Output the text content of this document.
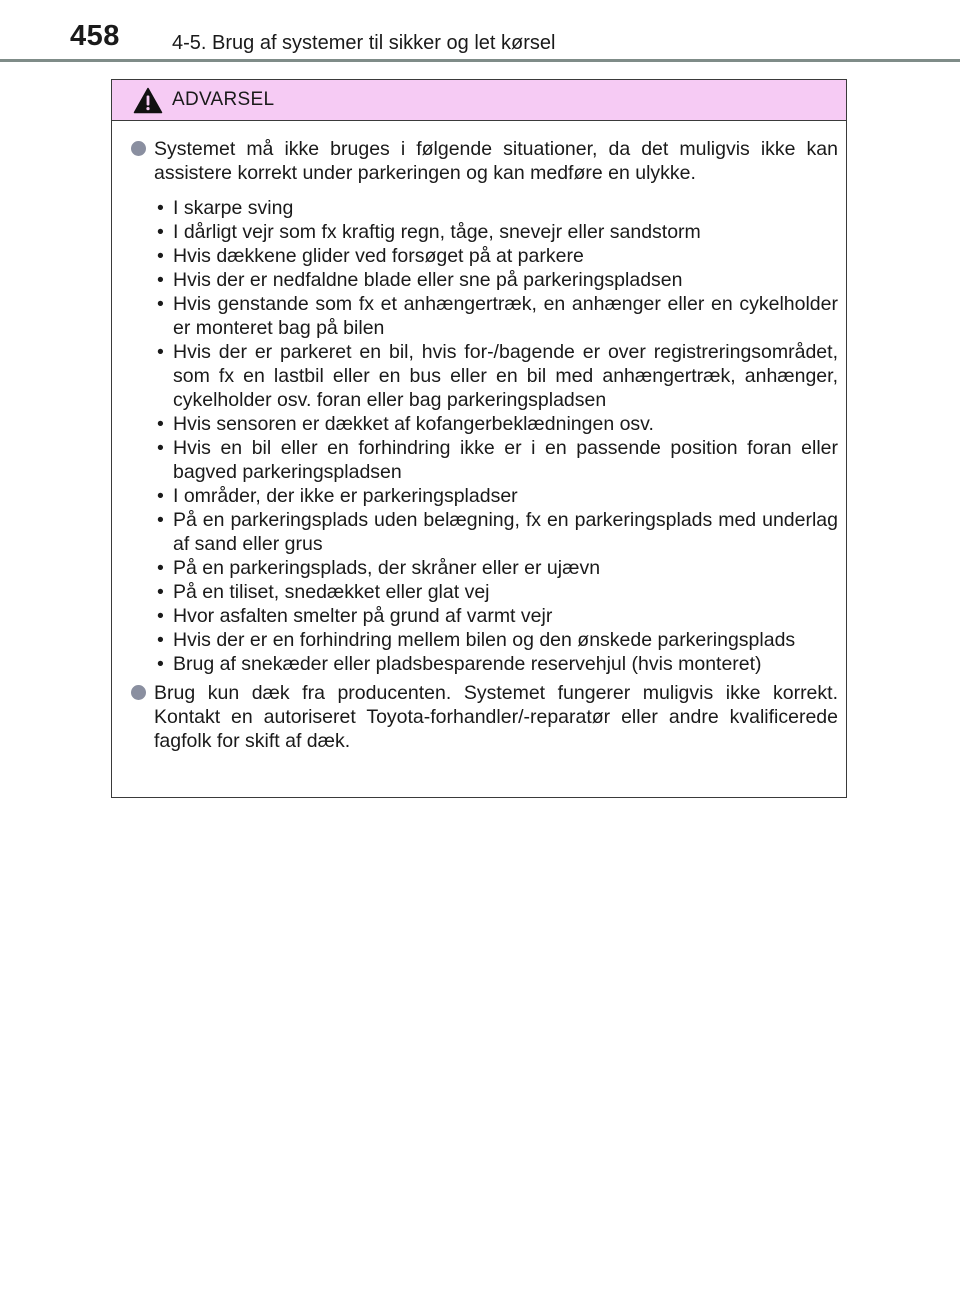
458	4-5. Brug af systemer til sikker og let kørsel
ADVARSEL
Systemet må ikke bruges i følgende situationer, da det muligvis ikke kan assistere korrekt under parkeringen og kan medføre en ulykke.
• I skarpe sving
• I dårligt vejr som fx kraftig regn, tåge, snevejr eller sandstorm
• Hvis dækkene glider ved forsøget på at parkere
• Hvis der er nedfaldne blade eller sne på parkeringspladsen
• Hvis genstande som fx et anhængertræk, en anhænger eller en cykelholder er monteret bag på bilen
• Hvis der er parkeret en bil, hvis for-/bagende er over registreringsområdet, som fx en lastbil eller en bus eller en bil med anhængertræk, anhænger, cykelholder osv. foran eller bag parkeringspladsen
• Hvis sensoren er dækket af kofangerbeklædningen osv.
• Hvis en bil eller en forhindring ikke er i en passende position foran eller bagved parkeringspladsen
• I områder, der ikke er parkeringspladser
• På en parkeringsplads uden belægning, fx en parkeringsplads med underlag af sand eller grus
• På en parkeringsplads, der skråner eller er ujævn
• På en tiliset, snedækket eller glat vej
• Hvor asfalten smelter på grund af varmt vejr
• Hvis der er en forhindring mellem bilen og den ønskede parkeringsplads
• Brug af snekæder eller pladsbesparende reservehjul (hvis monteret)
Brug kun dæk fra producenten. Systemet fungerer muligvis ikke korrekt. Kontakt en autoriseret Toyota-forhandler/-reparatør eller andre kvalificerede fagfolk for skift af dæk.
